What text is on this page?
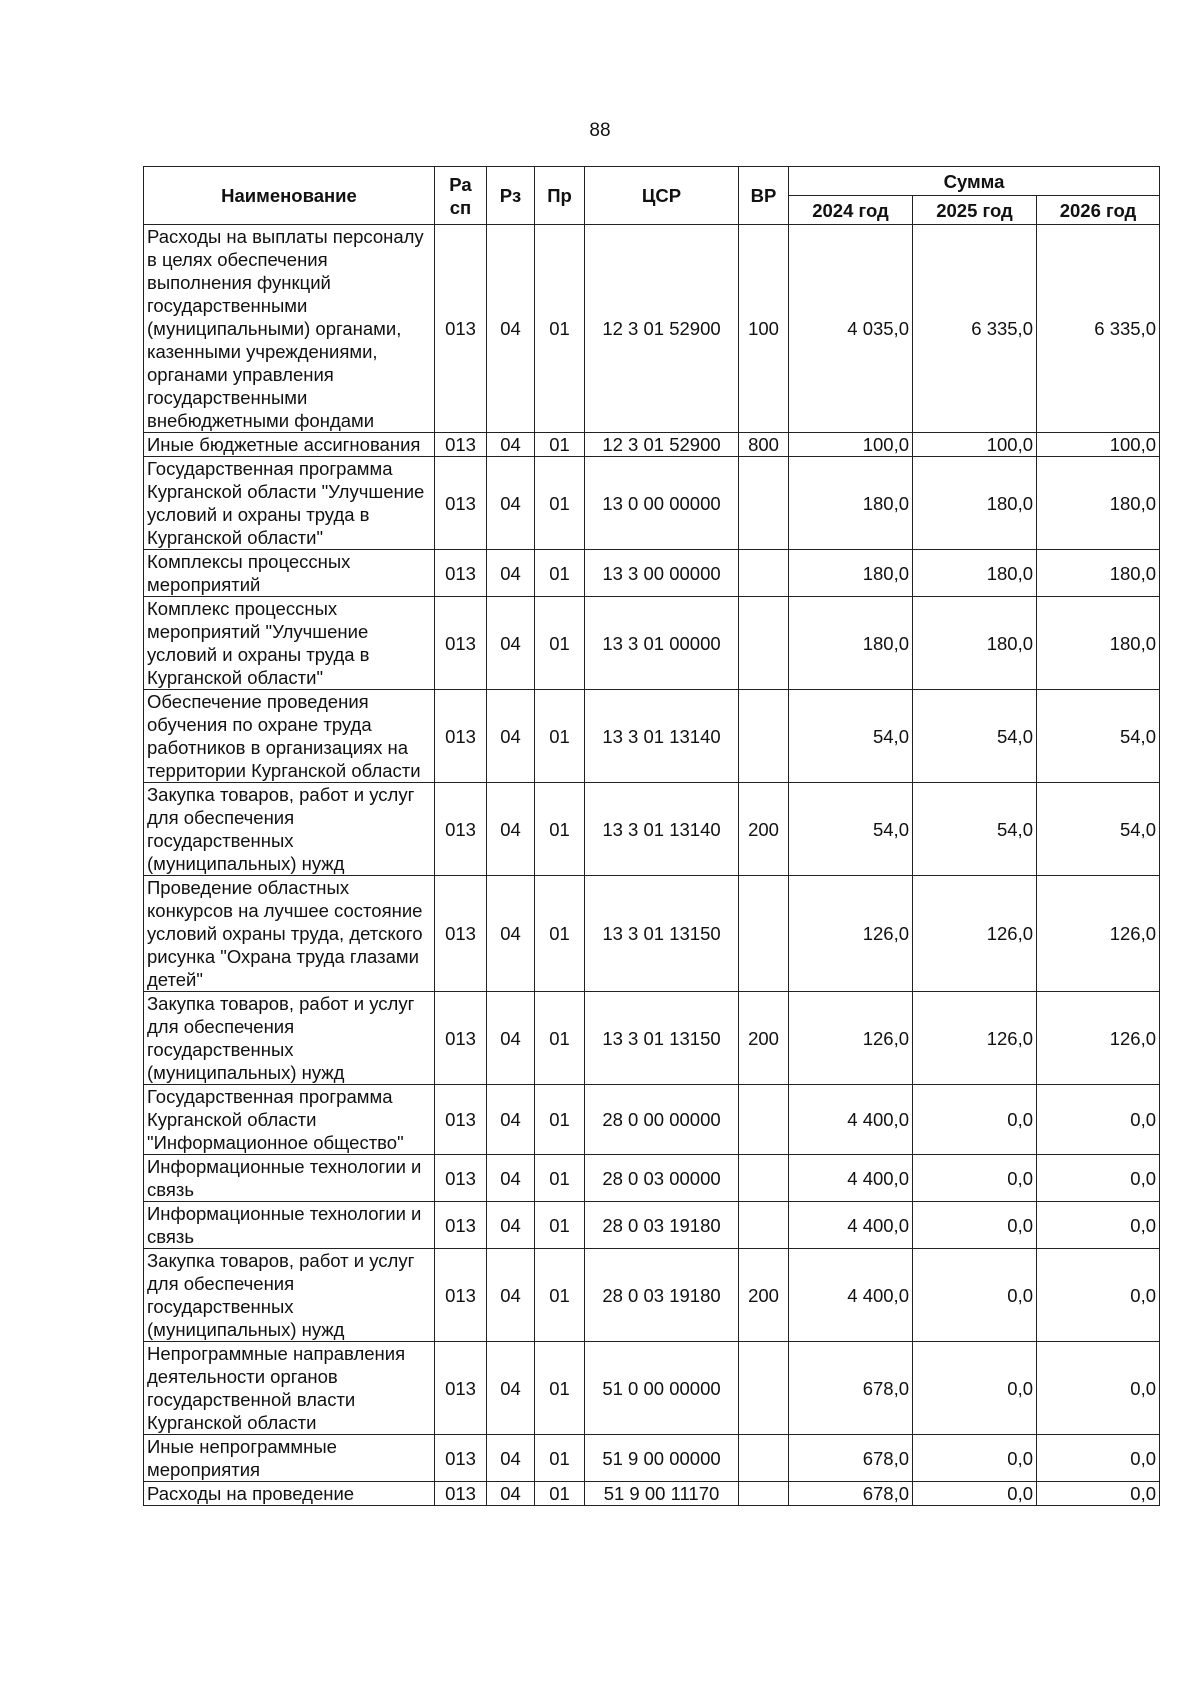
88
Наименование	Ра сп	Рз	Пр	ЦСР	ВР	Сумма		
						2024 год	2025 год	2026 год
Расходы на выплаты персоналу в целях обеспечения выполнения функций государственными (муниципальными) органами, казенными учреждениями, органами управления государственными внебюджетными фондами	013	04	01	12 3 01 52900	100	4 035,0	6 335,0	6 335,0
Иные бюджетные ассигнования	013	04	01	12 3 01 52900	800	100,0	100,0	100,0
Государственная программа Курганской области "Улучшение условий и охраны труда в Курганской области"	013	04	01	13 0 00 00000		180,0	180,0	180,0
Комплексы процессных мероприятий	013	04	01	13 3 00 00000		180,0	180,0	180,0
Комплекс процессных мероприятий "Улучшение условий и охраны труда в Курганской области"	013	04	01	13 3 01 00000		180,0	180,0	180,0
Обеспечение проведения обучения по охране труда работников в организациях на территории Курганской области	013	04	01	13 3 01 13140		54,0	54,0	54,0
Закупка товаров, работ и услуг для обеспечения государственных (муниципальных) нужд	013	04	01	13 3 01 13140	200	54,0	54,0	54,0
Проведение областных конкурсов на лучшее состояние условий охраны труда, детского рисунка "Охрана труда глазами детей"	013	04	01	13 3 01 13150		126,0	126,0	126,0
Закупка товаров, работ и услуг для обеспечения государственных (муниципальных) нужд	013	04	01	13 3 01 13150	200	126,0	126,0	126,0
Государственная программа Курганской области "Информационное общество"	013	04	01	28 0 00 00000		4 400,0	0,0	0,0
Информационные технологии и связь	013	04	01	28 0 03 00000		4 400,0	0,0	0,0
Информационные технологии и связь	013	04	01	28 0 03 19180		4 400,0	0,0	0,0
Закупка товаров, работ и услуг для обеспечения государственных (муниципальных) нужд	013	04	01	28 0 03 19180	200	4 400,0	0,0	0,0
Непрограммные направления деятельности органов государственной власти Курганской области	013	04	01	51 0 00 00000		678,0	0,0	0,0
Иные непрограммные мероприятия	013	04	01	51 9 00 00000		678,0	0,0	0,0
Расходы на проведение	013	04	01	51 9 00 11170		678,0	0,0	0,0
